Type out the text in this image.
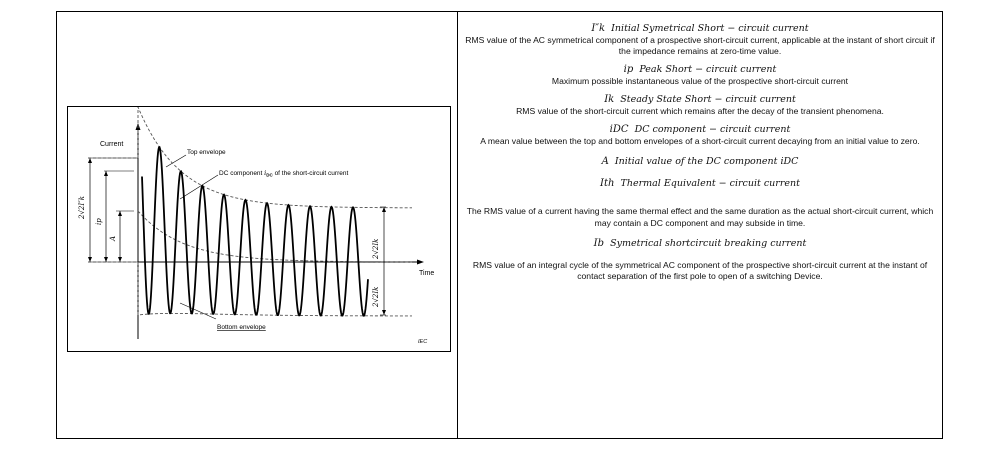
Current
Time
Top envelope
DC component $i_{DC}$ of the short-circuit current
Bottom envelope
IEC
2√2I″k
ip
A
2√2Ik
2√2Ik
I″k Initial Symetrical Short − circuit current
RMS value of the AC symmetrical component of a prospective short-circuit current, applicable at the instant of short circuit if the impedance remains at zero-time value.
ip Peak Short − circuit current
Maximum possible instantaneous value of the prospective short-circuit current
Ik Steady State Short − circuit current
RMS value of the short-circuit current which remains after the decay of the transient phenomena.
iDC DC component − circuit current
A mean value between the top and bottom envelopes of a short-circuit current decaying from an initial value to zero.
A Initial value of the DC component iDC
Ith Thermal Equivalent − circuit current
The RMS value of a current having the same thermal effect and the same duration as the actual short-circuit current, which may contain a DC component and may subside in time.
Ib Symetrical shortcircuit breaking current
RMS value of an integral cycle of the symmetrical AC component of the prospective short-circuit current at the instant of contact separation of the first pole to open of a switching Device.
